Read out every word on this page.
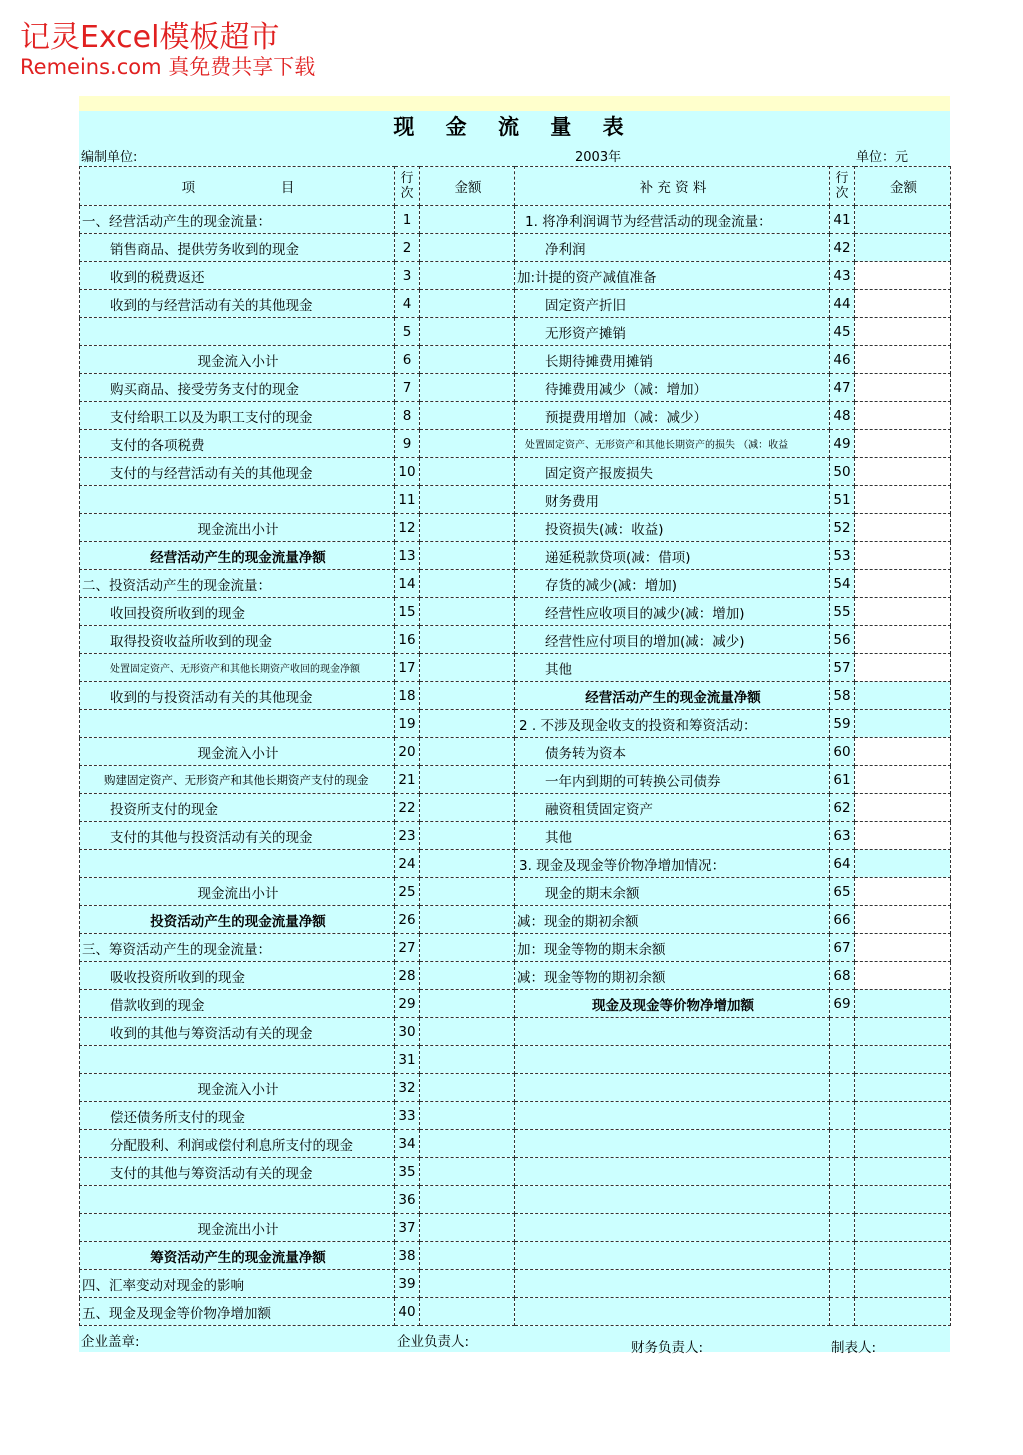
记灵Excel模板超市
Remeins.com 真免费共享下载
现 金 流 量 表
编制单位:	2003年	单位：元
项                    目	行
次	金额	补 充 资 料	行
次	金额
一、经营活动产生的现金流量：	1		1. 将净利润调节为经营活动的现金流量：	41	
销售商品、提供劳务收到的现金	2		净利润	42	
收到的税费返还	3		加:计提的资产减值准备	43	
收到的与经营活动有关的其他现金	4		固定资产折旧	44	
	5		无形资产摊销	45	
现金流入小计	6		长期待摊费用摊销	46	
购买商品、接受劳务支付的现金	7		待摊费用减少（减：增加）	47	
支付给职工以及为职工支付的现金	8		预提费用增加（减：减少）	48	
支付的各项税费	9		处置固定资产、无形资产和其他长期资产的损失 （减：收益	49	
支付的与经营活动有关的其他现金	10		固定资产报废损失	50	
	11		财务费用	51	
现金流出小计	12		投资损失(减：收益)	52	
经营活动产生的现金流量净额	13		递延税款贷项(减：借项)	53	
二、投资活动产生的现金流量：	14		存货的减少(减：增加)	54	
收回投资所收到的现金	15		经营性应收项目的减少(减：增加)	55	
取得投资收益所收到的现金	16		经营性应付项目的增加(减：减少)	56	
处置固定资产、无形资产和其他长期资产收回的现金净额	17		其他	57	
收到的与投资活动有关的其他现金	18		经营活动产生的现金流量净额	58	
	19		2 . 不涉及现金收支的投资和筹资活动：	59	
现金流入小计	20		债务转为资本	60	
购建固定资产、无形资产和其他长期资产支付的现金	21		一年内到期的可转换公司债券	61	
投资所支付的现金	22		融资租赁固定资产	62	
支付的其他与投资活动有关的现金	23		其他	63	
	24		3. 现金及现金等价物净增加情况：	64	
现金流出小计	25		现金的期末余额	65	
投资活动产生的现金流量净额	26		减：现金的期初余额	66	
三、筹资活动产生的现金流量：	27		加：现金等物的期末余额	67	
吸收投资所收到的现金	28		减：现金等物的期初余额	68	
借款收到的现金	29		现金及现金等价物净增加额	69	
收到的其他与筹资活动有关的现金	30				
	31				
现金流入小计	32				
偿还债务所支付的现金	33				
分配股利、利润或偿付利息所支付的现金	34				
支付的其他与筹资活动有关的现金	35				
	36				
现金流出小计	37				
筹资活动产生的现金流量净额	38				
四、汇率变动对现金的影响	39				
五、现金及现金等价物净增加额	40				
企业盖章:	企业负责人:	财务负责人:	制表人:
